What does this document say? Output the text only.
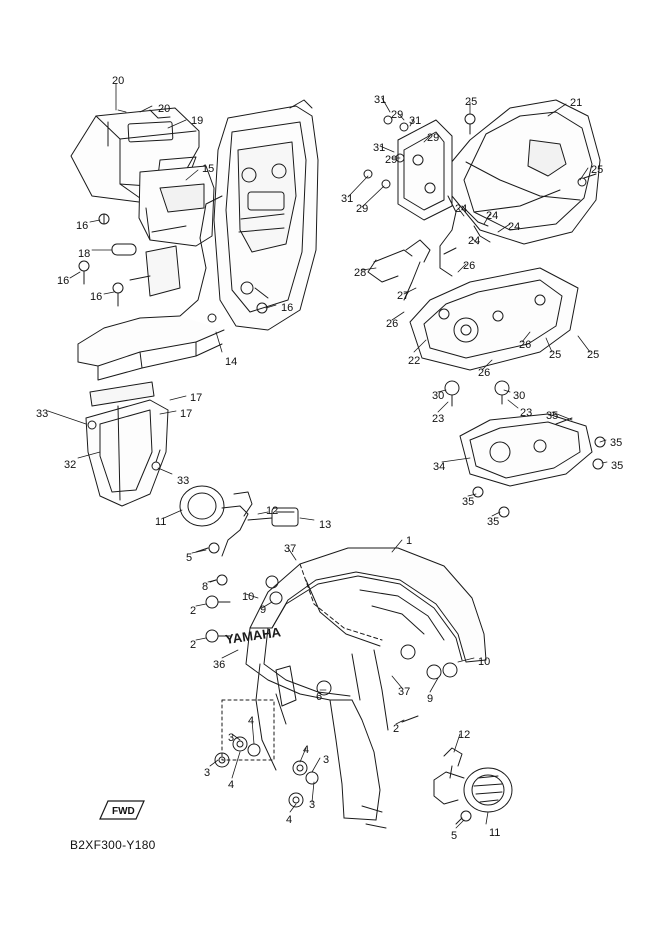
YAMAHA
20
20
19
15
16
18
16
16
16
14
17
17
33
32
33
31
29 31
29
31
29
31
29
25	21
25
24
24
24
24
26
28
27
26
22
26
26
25 25
30	30
23	23
34
35
35
35
35
35
12
13
11
5
37
8
10
9
2
2
1
36	10
37
9
6
2
3
4
4
3
3
4
4
3
12
5	11
FWD
B2XF300-Y180
